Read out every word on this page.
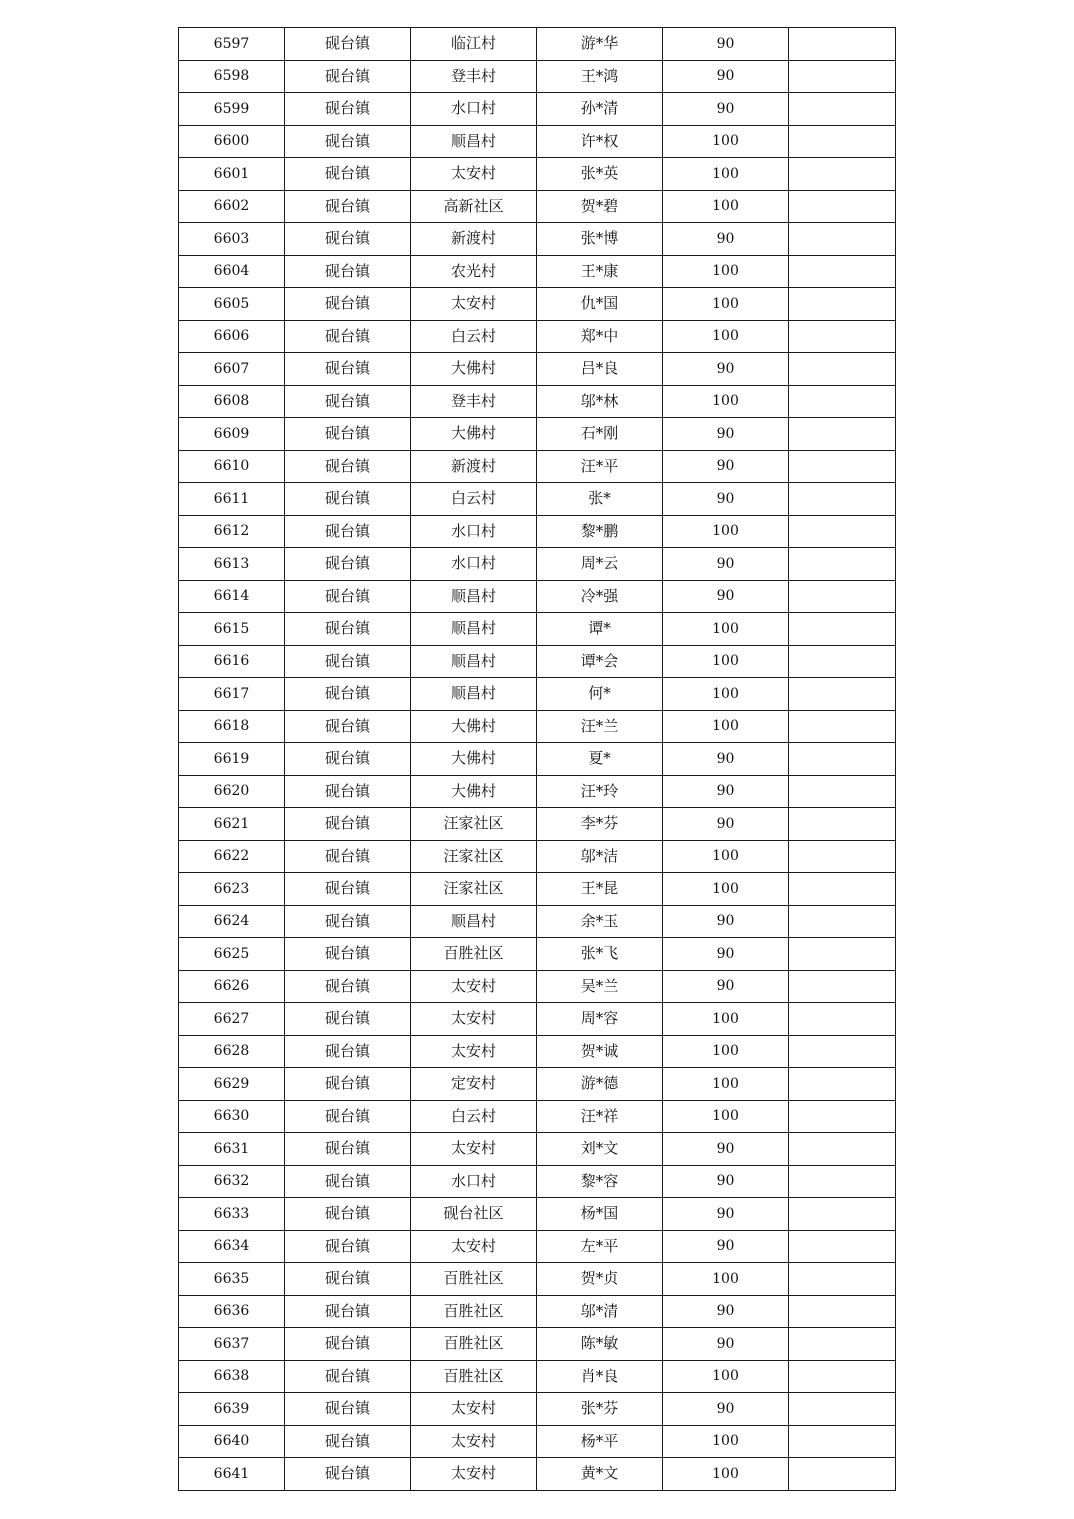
6597	砚台镇	临江村	游*华	90	
6598	砚台镇	登丰村	王*鸿	90	
6599	砚台镇	水口村	孙*清	90	
6600	砚台镇	顺昌村	许*权	100	
6601	砚台镇	太安村	张*英	100	
6602	砚台镇	高新社区	贺*碧	100	
6603	砚台镇	新渡村	张*博	90	
6604	砚台镇	农光村	王*康	100	
6605	砚台镇	太安村	仇*国	100	
6606	砚台镇	白云村	郑*中	100	
6607	砚台镇	大佛村	吕*良	90	
6608	砚台镇	登丰村	邬*林	100	
6609	砚台镇	大佛村	石*刚	90	
6610	砚台镇	新渡村	汪*平	90	
6611	砚台镇	白云村	张*	90	
6612	砚台镇	水口村	黎*鹏	100	
6613	砚台镇	水口村	周*云	90	
6614	砚台镇	顺昌村	冷*强	90	
6615	砚台镇	顺昌村	谭*	100	
6616	砚台镇	顺昌村	谭*会	100	
6617	砚台镇	顺昌村	何*	100	
6618	砚台镇	大佛村	汪*兰	100	
6619	砚台镇	大佛村	夏*	90	
6620	砚台镇	大佛村	汪*玲	90	
6621	砚台镇	汪家社区	李*芬	90	
6622	砚台镇	汪家社区	邬*洁	100	
6623	砚台镇	汪家社区	王*昆	100	
6624	砚台镇	顺昌村	余*玉	90	
6625	砚台镇	百胜社区	张*飞	90	
6626	砚台镇	太安村	吴*兰	90	
6627	砚台镇	太安村	周*容	100	
6628	砚台镇	太安村	贺*诚	100	
6629	砚台镇	定安村	游*德	100	
6630	砚台镇	白云村	汪*祥	100	
6631	砚台镇	太安村	刘*文	90	
6632	砚台镇	水口村	黎*容	90	
6633	砚台镇	砚台社区	杨*国	90	
6634	砚台镇	太安村	左*平	90	
6635	砚台镇	百胜社区	贺*贞	100	
6636	砚台镇	百胜社区	邬*清	90	
6637	砚台镇	百胜社区	陈*敏	90	
6638	砚台镇	百胜社区	肖*良	100	
6639	砚台镇	太安村	张*芬	90	
6640	砚台镇	太安村	杨*平	100	
6641	砚台镇	太安村	黄*文	100	
